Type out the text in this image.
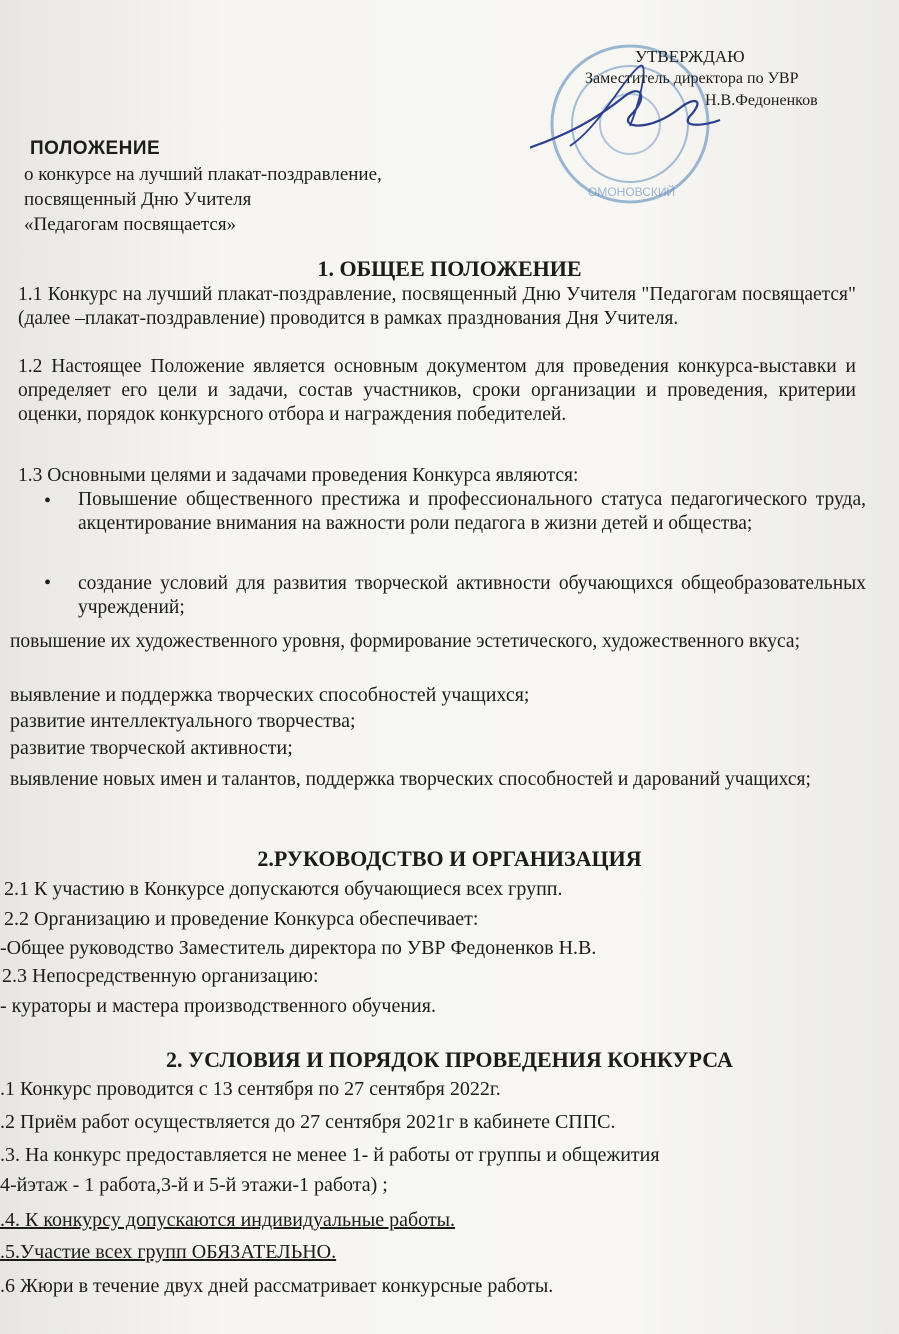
ОМОНОВСКИЙ
УТВЕРЖДАЮ
Заместитель директора по УВР
Н.В.Федоненков
ПОЛОЖЕНИЕ
о конкурсе на лучший плакат-поздравление,
посвященный Дню Учителя
«Педагогам посвящается»
1. ОБЩЕЕ ПОЛОЖЕНИЕ
1.1 Конкурс на лучший плакат-поздравление, посвященный Дню Учителя "Педагогам посвящается" (далее –плакат-поздравление) проводится в рамках празднования Дня Учителя.
1.2 Настоящее Положение является основным документом для проведения конкурса-выставки и определяет его цели и задачи, состав участников, сроки организации и проведения, критерии оценки, порядок конкурсного отбора и награждения победителей.
1.3 Основными целями и задачами проведения Конкурса являются:
• Повышение общественного престижа и профессионального статуса педагогического труда, акцентирование внимания на важности роли педагога в жизни детей и общества;
• создание условий для развития творческой активности обучающихся общеобразовательных учреждений;
повышение их художественного уровня, формирование эстетического, художественного вкуса;
выявление и поддержка творческих способностей учащихся;
развитие интеллектуального творчества;
развитие творческой активности;
выявление новых имен и талантов, поддержка творческих способностей и дарований учащихся;
2.РУКОВОДСТВО И ОРГАНИЗАЦИЯ
2.1 К участию в Конкурсе допускаются обучающиеся всех групп.
2.2 Организацию и проведение Конкурса обеспечивает:
-Общее руководство Заместитель директора по УВР Федоненков Н.В.
2.3 Непосредственную организацию:
- кураторы и мастера производственного обучения.
2. УСЛОВИЯ И ПОРЯДОК ПРОВЕДЕНИЯ КОНКУРСА
.1 Конкурс проводится с 13 сентября по 27 сентября 2022г.
.2 Приём работ осуществляется до 27 сентября 2021г в кабинете СППС.
.3. На конкурс предоставляется не менее 1- й работы от группы и общежития
4-йэтаж - 1 работа,3-й и 5-й этажи-1 работа) ;
.4. К конкурсу допускаются индивидуальные работы.
.5.Участие всех групп ОБЯЗАТЕЛЬНО.
.6 Жюри в течение двух дней рассматривает конкурсные работы.
